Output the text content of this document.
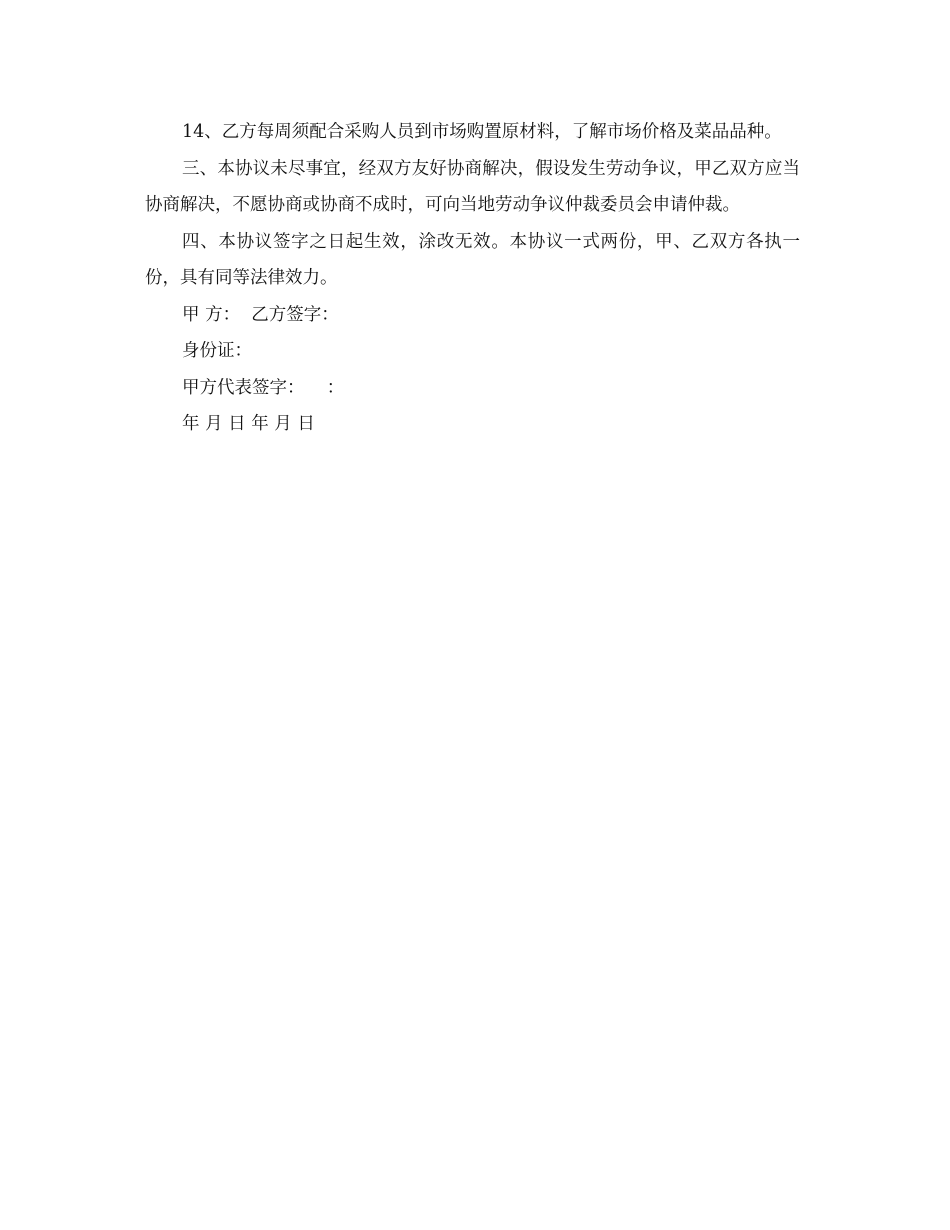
14、乙方每周须配合采购人员到市场购置原材料，了解市场价格及菜品品种。

三、本协议未尽事宜，经双方友好协商解决，假设发生劳动争议，甲乙双方应当协商解决，不愿协商或协商不成时，可向当地劳动争议仲裁委员会申请仲裁。

四、本协议签字之日起生效，涂改无效。本协议一式两份，甲、乙双方各执一份，具有同等法律效力。

甲 方：  乙方签字：

身份证：

甲方代表签字：    ：

年 月 日 年 月 日
